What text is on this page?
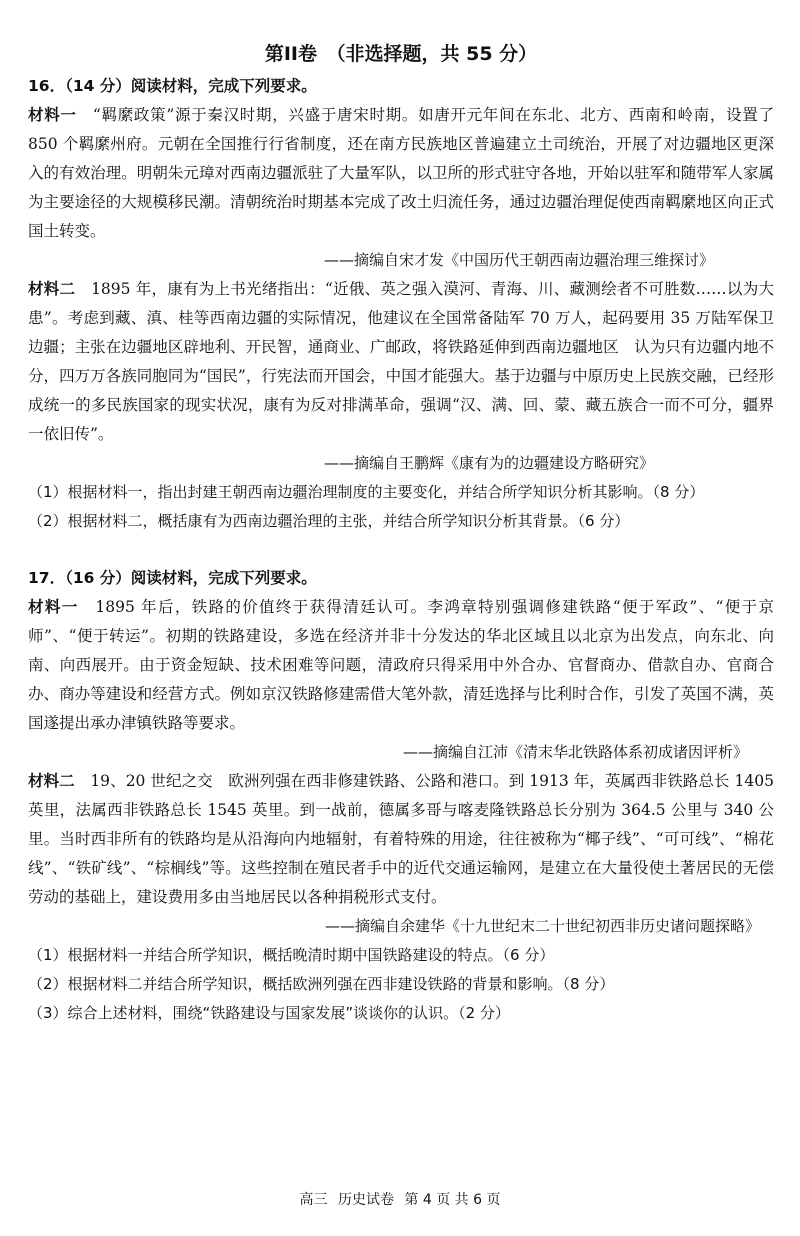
第II卷　（非选择题，共 55 分）

16．（14 分）阅读材料，完成下列要求。

材料一　 “羁縻政策”源于秦汉时期，兴盛于唐宋时期。如唐开元年间在东北、北方、西南和岭南，设置了 850 个羁縻州府。元朝在全国推行行省制度，还在南方民族地区普遍建立土司统治，开展了对边疆地区更深入的有效治理。明朝朱元璋对西南边疆派驻了大量军队，以卫所的形式驻守各地，开始以驻军和随带军人家属为主要途径的大规模移民潮。清朝统治时期基本完成了改土归流任务，通过边疆治理促使西南羁縻地区向正式国土转变。

——摘编自宋才发《中国历代王朝西南边疆治理三维探讨》

材料二　 1895 年，康有为上书光绪指出：“近俄、英之强入漠河、青海、川、藏测绘者不可胜数……以为大患”。考虑到藏、滇、桂等西南边疆的实际情况，他建议在全国常备陆军 70 万人，起码要用 35 万陆军保卫边疆；主张在边疆地区辟地利、开民智，通商业、广邮政，将铁路延伸到西南边疆地区　认为只有边疆内地不分，四万万各族同胞同为“国民”，行宪法而开国会，中国才能强大。基于边疆与中原历史上民族交融，已经形成统一的多民族国家的现实状况，康有为反对排满革命，强调“汉、满、回、蒙、藏五族合一而不可分，疆界一依旧传”。

——摘编自王鹏辉《康有为的边疆建设方略研究》

（1）根据材料一，指出封建王朝西南边疆治理制度的主要变化，并结合所学知识分析其影响。（8 分）

（2）根据材料二，概括康有为西南边疆治理的主张，并结合所学知识分析其背景。（6 分）

17．（16 分）阅读材料，完成下列要求。

材料一　 1895 年后，铁路的价值终于获得清廷认可。李鸿章特别强调修建铁路“便于军政”、“便于京师”、“便于转运”。初期的铁路建设，多选在经济并非十分发达的华北区域且以北京为出发点，向东北、向南、向西展开。由于资金短缺、技术困难等问题，清政府只得采用中外合办、官督商办、借款自办、官商合办、商办等建设和经营方式。例如京汉铁路修建需借大笔外款，清廷选择与比利时合作，引发了英国不满，英国遂提出承办津镇铁路等要求。

——摘编自江沛《清末华北铁路体系初成诸因评析》

材料二　 19、20 世纪之交　欧洲列强在西非修建铁路、公路和港口。到 1913 年，英属西非铁路总长 1405 英里，法属西非铁路总长 1545 英里。到一战前，德属多哥与喀麦隆铁路总长分别为 364.5 公里与 340 公里。当时西非所有的铁路均是从沿海向内地辐射，有着特殊的用途，往往被称为“椰子线”、“可可线”、“棉花线”、“铁矿线”、“棕榈线”等。这些控制在殖民者手中的近代交通运输网，是建立在大量役使土著居民的无偿劳动的基础上，建设费用多由当地居民以各种捐税形式支付。

——摘编自余建华《十九世纪末二十世纪初西非历史诸问题探略》

（1）根据材料一并结合所学知识，概括晚清时期中国铁路建设的特点。（6 分）

（2）根据材料二并结合所学知识，概括欧洲列强在西非建设铁路的背景和影响。（8 分）

（3）综合上述材料，围绕“铁路建设与国家发展”谈谈你的认识。（2 分）

高三 历史试卷 第 4 页 共 6 页
